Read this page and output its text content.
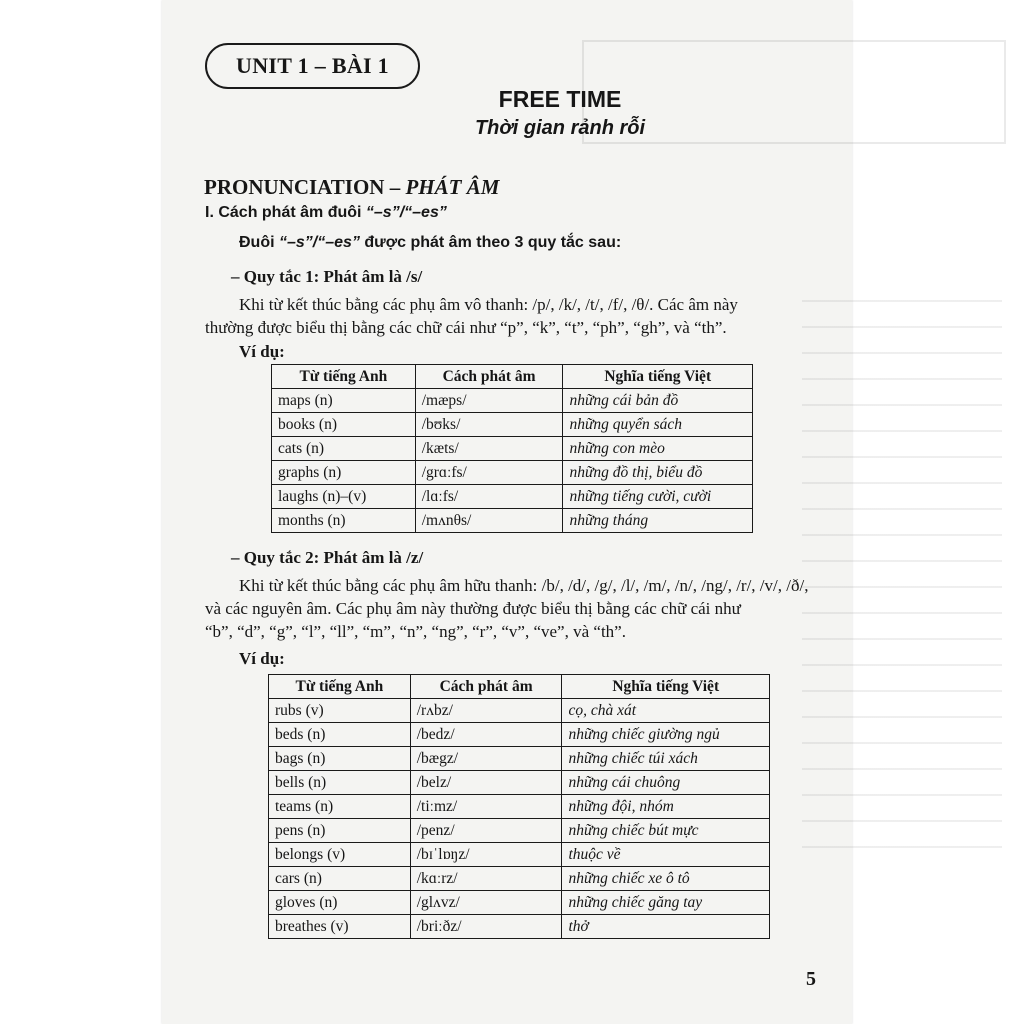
UNIT 1 – BÀI 1
FREE TIME
Thời gian rảnh rỗi
PRONUNCIATION – PHÁT ÂM
I. Cách phát âm đuôi “–s”/“–es”
Đuôi “–s”/“–es” được phát âm theo 3 quy tắc sau:
– Quy tắc 1: Phát âm là /s/
Khi từ kết thúc bằng các phụ âm vô thanh: /p/, /k/, /t/, /f/, /θ/. Các âm này
thường được biểu thị bằng các chữ cái như “p”, “k”, “t”, “ph”, “gh”, và “th”.
Ví dụ:
Từ tiếng Anh	Cách phát âm	Nghĩa tiếng Việt
maps (n)	/mæps/	những cái bản đồ
books (n)	/bʊks/	những quyển sách
cats (n)	/kæts/	những con mèo
graphs (n)	/grɑːfs/	những đồ thị, biểu đồ
laughs (n)–(v)	/lɑːfs/	những tiếng cười, cười
months (n)	/mʌnθs/	những tháng
– Quy tắc 2: Phát âm là /z/
Khi từ kết thúc bằng các phụ âm hữu thanh: /b/, /d/, /g/, /l/, /m/, /n/, /ng/, /r/, /v/, /ð/,
và các nguyên âm. Các phụ âm này thường được biểu thị bằng các chữ cái như
“b”, “d”, “g”, “l”, “ll”, “m”, “n”, “ng”, “r”, “v”, “ve”, và “th”.
Ví dụ:
Từ tiếng Anh	Cách phát âm	Nghĩa tiếng Việt
rubs (v)	/rʌbz/	cọ, chà xát
beds (n)	/bedz/	những chiếc giường ngủ
bags (n)	/bægz/	những chiếc túi xách
bells (n)	/belz/	những cái chuông
teams (n)	/tiːmz/	những đội, nhóm
pens (n)	/penz/	những chiếc bút mực
belongs (v)	/bɪˈlɒŋz/	thuộc về
cars (n)	/kɑːrz/	những chiếc xe ô tô
gloves (n)	/glʌvz/	những chiếc găng tay
breathes (v)	/briːðz/	thở
5
